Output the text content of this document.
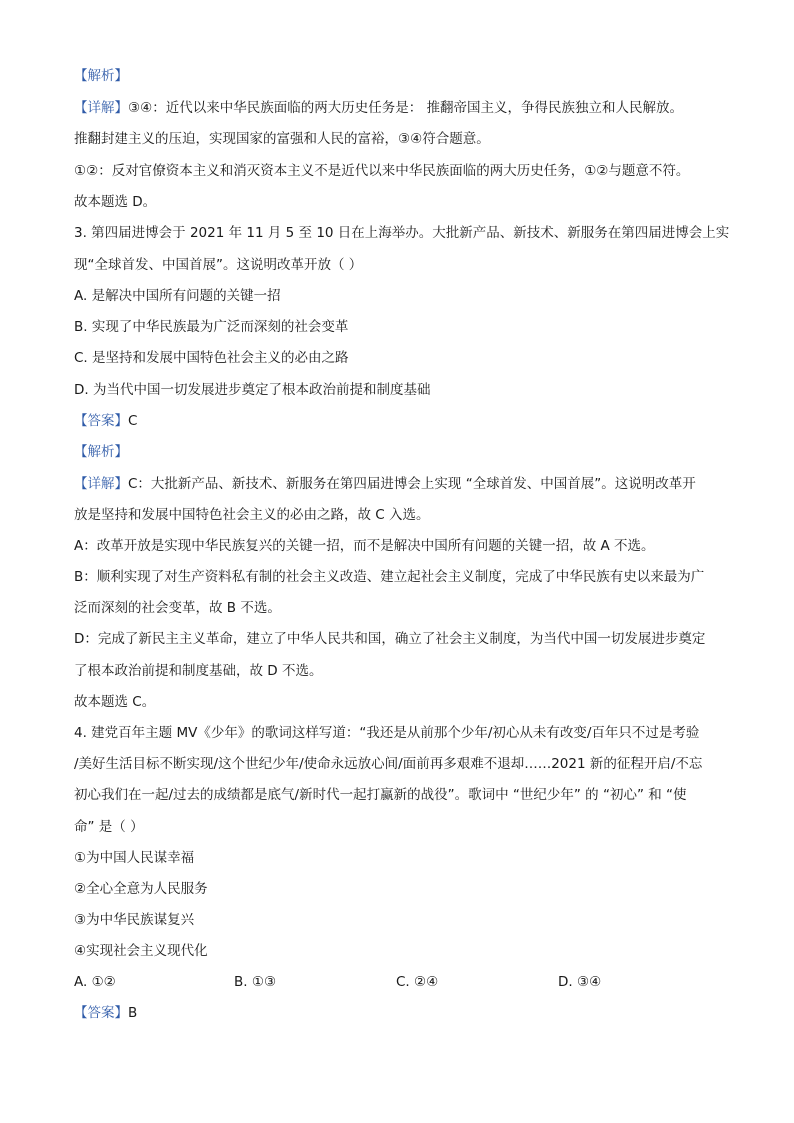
【解析】
【详解】③④：近代以来中华民族面临的两大历史任务是： 推翻帝国主义，争得民族独立和人民解放。
推翻封建主义的压迫，实现国家的富强和人民的富裕，③④符合题意。
①②：反对官僚资本主义和消灭资本主义不是近代以来中华民族面临的两大历史任务，①②与题意不符。
故本题选 D。
3. 第四届进博会于 2021 年 11 月 5 至 10 日在上海举办。大批新产品、新技术、新服务在第四届进博会上实
现“全球首发、中国首展”。这说明改革开放（ ）
A. 是解决中国所有问题的关键一招
B. 实现了中华民族最为广泛而深刻的社会变革
C. 是坚持和发展中国特色社会主义的必由之路
D. 为当代中国一切发展进步奠定了根本政治前提和制度基础
【答案】C
【解析】
【详解】C：大批新产品、新技术、新服务在第四届进博会上实现 “全球首发、中国首展”。这说明改革开
放是坚持和发展中国特色社会主义的必由之路，故 C 入选。
A：改革开放是实现中华民族复兴的关键一招，而不是解决中国所有问题的关键一招，故 A 不选。
B：顺利实现了对生产资料私有制的社会主义改造、建立起社会主义制度，完成了中华民族有史以来最为广
泛而深刻的社会变革，故 B 不选。
D：完成了新民主主义革命，建立了中华人民共和国，确立了社会主义制度，为当代中国一切发展进步奠定
了根本政治前提和制度基础，故 D 不选。
故本题选 C。
4. 建党百年主题 MV《少年》的歌词这样写道：“我还是从前那个少年/初心从未有改变/百年只不过是考验
/美好生活目标不断实现/这个世纪少年/使命永远放心间/面前再多艰难不退却……2021 新的征程开启/不忘
初心我们在一起/过去的成绩都是底气/新时代一起打赢新的战役”。歌词中 “世纪少年” 的 “初心” 和 “使
命” 是（ ）
①为中国人民谋幸福
②全心全意为人民服务
③为中华民族谋复兴
④实现社会主义现代化
A. ①②	B. ①③	C. ②④	D. ③④
【答案】B
